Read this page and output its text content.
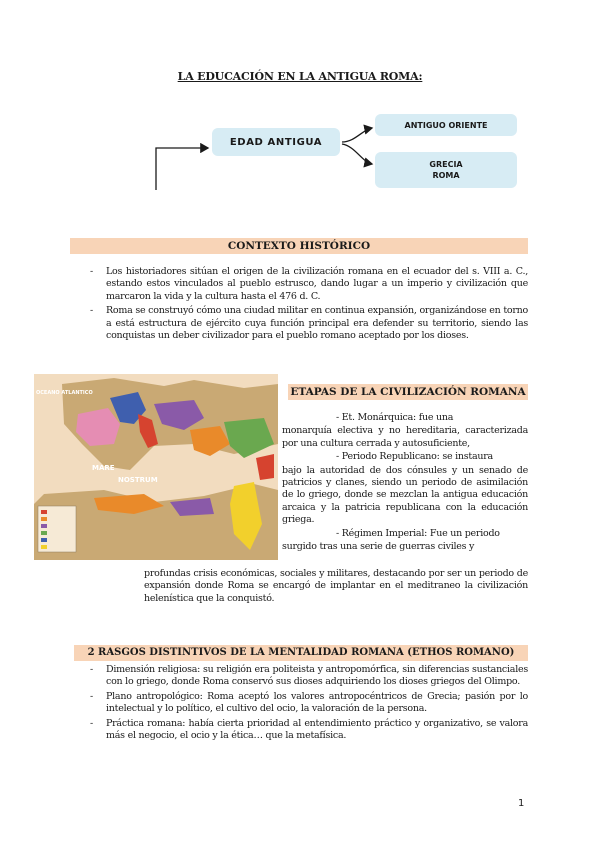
LA EDUCACIÓN EN LA ANTIGUA ROMA:
EDAD ANTIGUA
ANTIGUO ORIENTE
GRECIA
ROMA
CONTEXTO HISTÓRICO
- Los historiadores sitúan el origen de la civilización romana en el ecuador del s. VIII a. C., estando estos vinculados al pueblo estrusco, dando lugar a un imperio y civilización que marcaron la vida y la cultura hasta el 476 d. C.
- Roma se construyó cómo una ciudad militar en continua expansión, organizándose en torno a está estructura de ejército cuya función principal era defender su territorio, siendo las conquistas un deber civilizador para el pueblo romano aceptado por los dioses.
OCEANO ATLANTICO
MARE
NOSTRUM
ETAPAS DE LA CIVILIZACIÓN ROMANA

- Et. Monárquica: fue una

monarquía electiva y no hereditaria, caracterizada por una cultura cerrada y autosuficiente,

- Periodo Republicano: se instaura

bajo la autoridad de dos cónsules y un senado de patricios y clanes, siendo un periodo de asimilación de lo griego, donde se mezclan la antigua educación arcaica y la patricia republicana con la educación griega.

- Régimen Imperial: Fue un periodo

surgido tras una serie de guerras civiles y

profundas crisis económicas, sociales y militares, destacando por ser un periodo de expansión donde Roma se encargó de implantar en el meditraneo la civilización helenística que la conquistó.
2 RASGOS DISTINTIVOS DE LA MENTALIDAD ROMANA (ETHOS ROMANO)
- Dimensión religiosa: su religión era politeista y antropomórfica, sin diferencias sustanciales con lo griego, donde Roma conservó sus dioses adquiriendo los dioses griegos del Olimpo.
- Plano antropológico: Roma aceptó los valores antropocéntricos de Grecia; pasión por lo intelectual y lo político, el cultivo del ocio, la valoración de la persona.
- Práctica romana: había cierta prioridad al entendimiento práctico y organizativo, se valora más el negocio, el ocio y la ética… que la metafísica.
1
